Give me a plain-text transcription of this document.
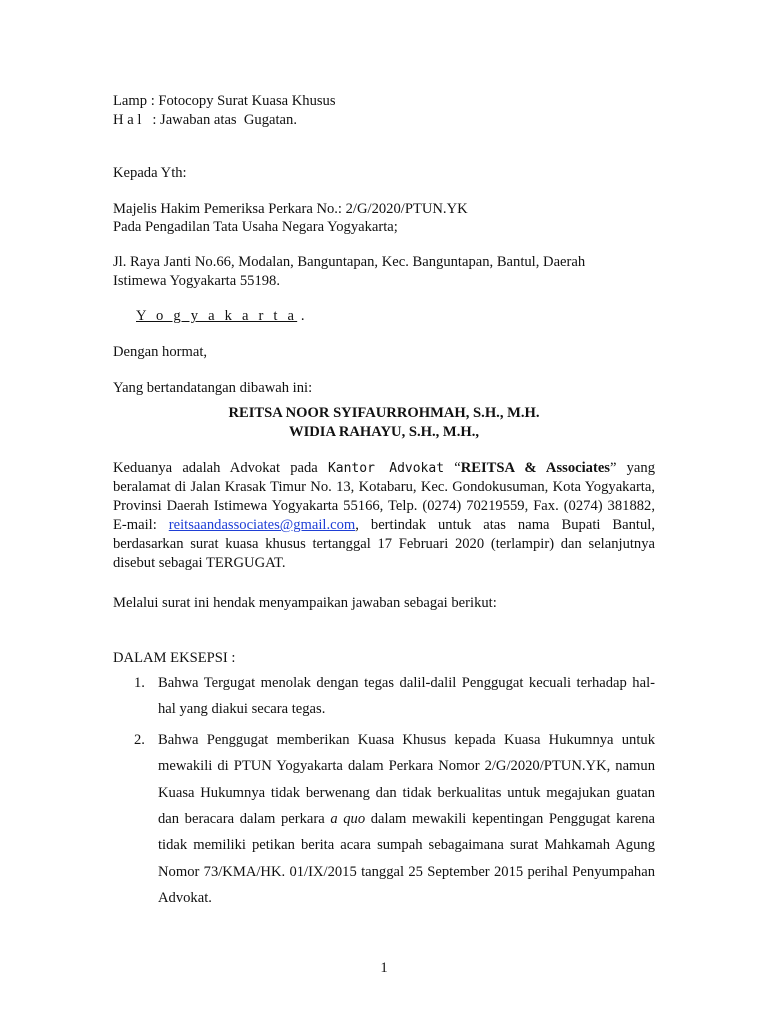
Lamp : Fotocopy Surat Kuasa Khusus
H a l   : Jawaban atas  Gugatan.
Kepada Yth:
Majelis Hakim Pemeriksa Perkara No.: 2/G/2020/PTUN.YK
Pada Pengadilan Tata Usaha Negara Yogyakarta;
Jl. Raya Janti No.66, Modalan, Banguntapan, Kec. Banguntapan, Bantul, Daerah
Istimewa Yogyakarta 55198.
Y o g y a k a r t a .
Dengan hormat,
Yang bertandatangan dibawah ini:
REITSA NOOR SYIFAURROHMAH, S.H., M.H.
WIDIA RAHAYU, S.H., M.H.,
Keduanya adalah Advokat pada Kantor Advokat “REITSA & Associates” yang beralamat di Jalan Krasak Timur No. 13, Kotabaru, Kec. Gondokusuman, Kota Yogyakarta, Provinsi Daerah Istimewa Yogyakarta 55166, Telp. (0274) 70219559, Fax. (0274) 381882, E-mail: reitsaandassociates@gmail.com, bertindak untuk atas nama Bupati Bantul, berdasarkan surat kuasa khusus tertanggal 17 Februari 2020 (terlampir) dan selanjutnya disebut sebagai TERGUGAT.
Melalui surat ini hendak menyampaikan jawaban sebagai berikut:
DALAM EKSEPSI :
1. Bahwa Tergugat menolak dengan tegas dalil-dalil Penggugat kecuali terhadap hal-hal yang diakui secara tegas.
2. Bahwa Penggugat memberikan Kuasa Khusus kepada Kuasa Hukumnya untuk mewakili di PTUN Yogyakarta dalam Perkara Nomor 2/G/2020/PTUN.YK, namun Kuasa Hukumnya tidak berwenang dan tidak berkualitas untuk megajukan guatan dan beracara dalam perkara a quo dalam mewakili kepentingan Penggugat karena tidak memiliki petikan berita acara sumpah sebagaimana surat Mahkamah Agung Nomor 73/KMA/HK. 01/IX/2015 tanggal 25 September 2015 perihal Penyumpahan Advokat.
1
